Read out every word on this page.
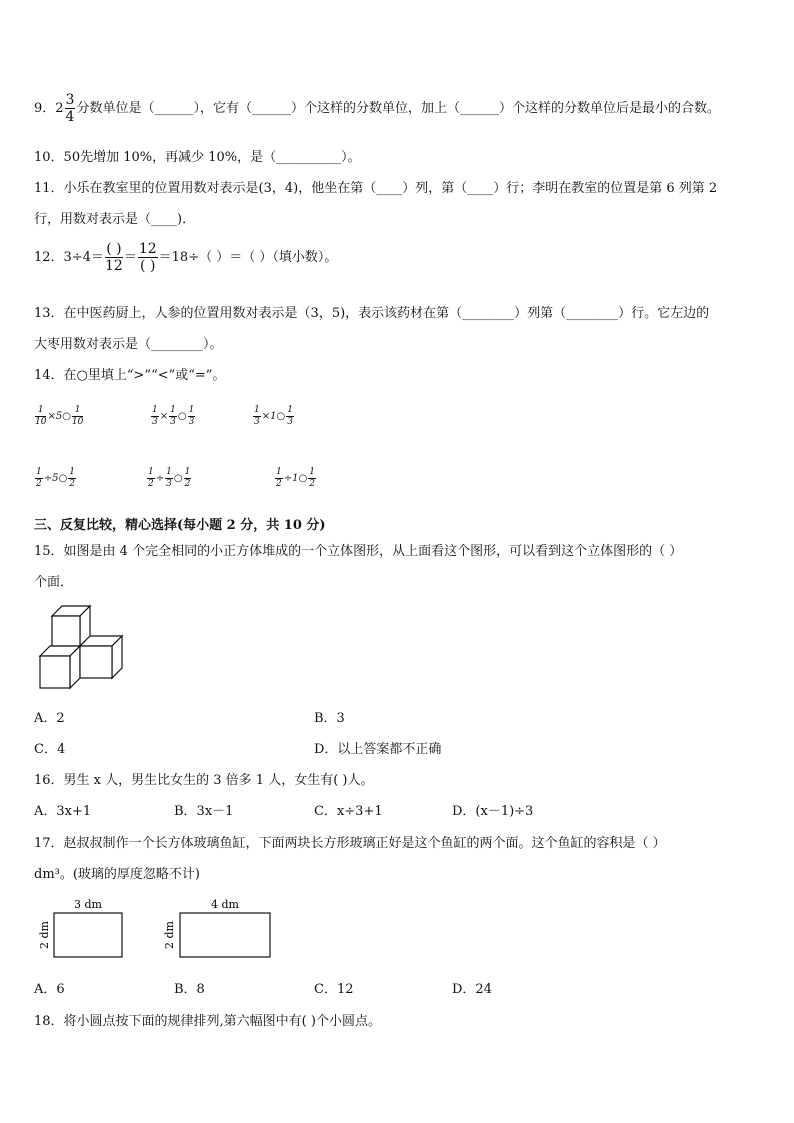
9．$2 \frac{3}{4}$ 分数单位是（______），它有（______）个这样的分数单位，加上（______）个这样的分数单位后是最小的合数。
10．50先增加 10%，再减少 10%，是（__________）。
11．小乐在教室里的位置用数对表示是(3，4)，他坐在第（____）列，第（____）行；李明在教室的位置是第 6 列第 2
行，用数对表示是（____)．
12．$3\div 4= \frac{( )}{12} = \frac{12}{( )} =18\div$（ ）＝（ ）（填小数）。
13．在中医药厨上，人参的位置用数对表示是（3，5)，表示该药材在第（________）列第（________）行。它左边的
大枣用数对表示是（________）。
14．在○里填上“>”“<”或“=”。
$\frac{1}{10}$ ×5○ $\frac{1}{10}$	$\frac{1}{3} \times \frac{1}{3}$ ○ $\frac{1}{3}$	$\frac{1}{3}$ ×1○ $\frac{1}{3}$
$\frac{1}{2}$ ÷5○ $\frac{1}{2}$	$\frac{1}{2} \div \frac{1}{3}$ ○ $\frac{1}{2}$	$\frac{1}{2}$ ÷1○ $\frac{1}{2}$
三、反复比较，精心选择(每小题 2 分，共 10 分)
15．如图是由 4 个完全相同的小正方体堆成的一个立体图形，从上面看这个图形，可以看到这个立体图形的（ ）
个面．
A．2	B．3
C．4	D．以上答案都不正确
16．男生 x 人，男生比女生的 3 倍多 1 人，女生有( )人。
A．3x+1	B．3x－1	C．x÷3+1	D．(x－1)÷3
17．赵叔叔制作一个长方体玻璃鱼缸，下面两块长方形玻璃正好是这个鱼缸的两个面。这个鱼缸的容积是（ ）
dm³。(玻璃的厚度忽略不计)
3 dm
2 dm
4 dm
2 dm
A．6	B．8	C．12	D．24
18．将小圆点按下面的规律排列,第六幅图中有( )个小圆点。
